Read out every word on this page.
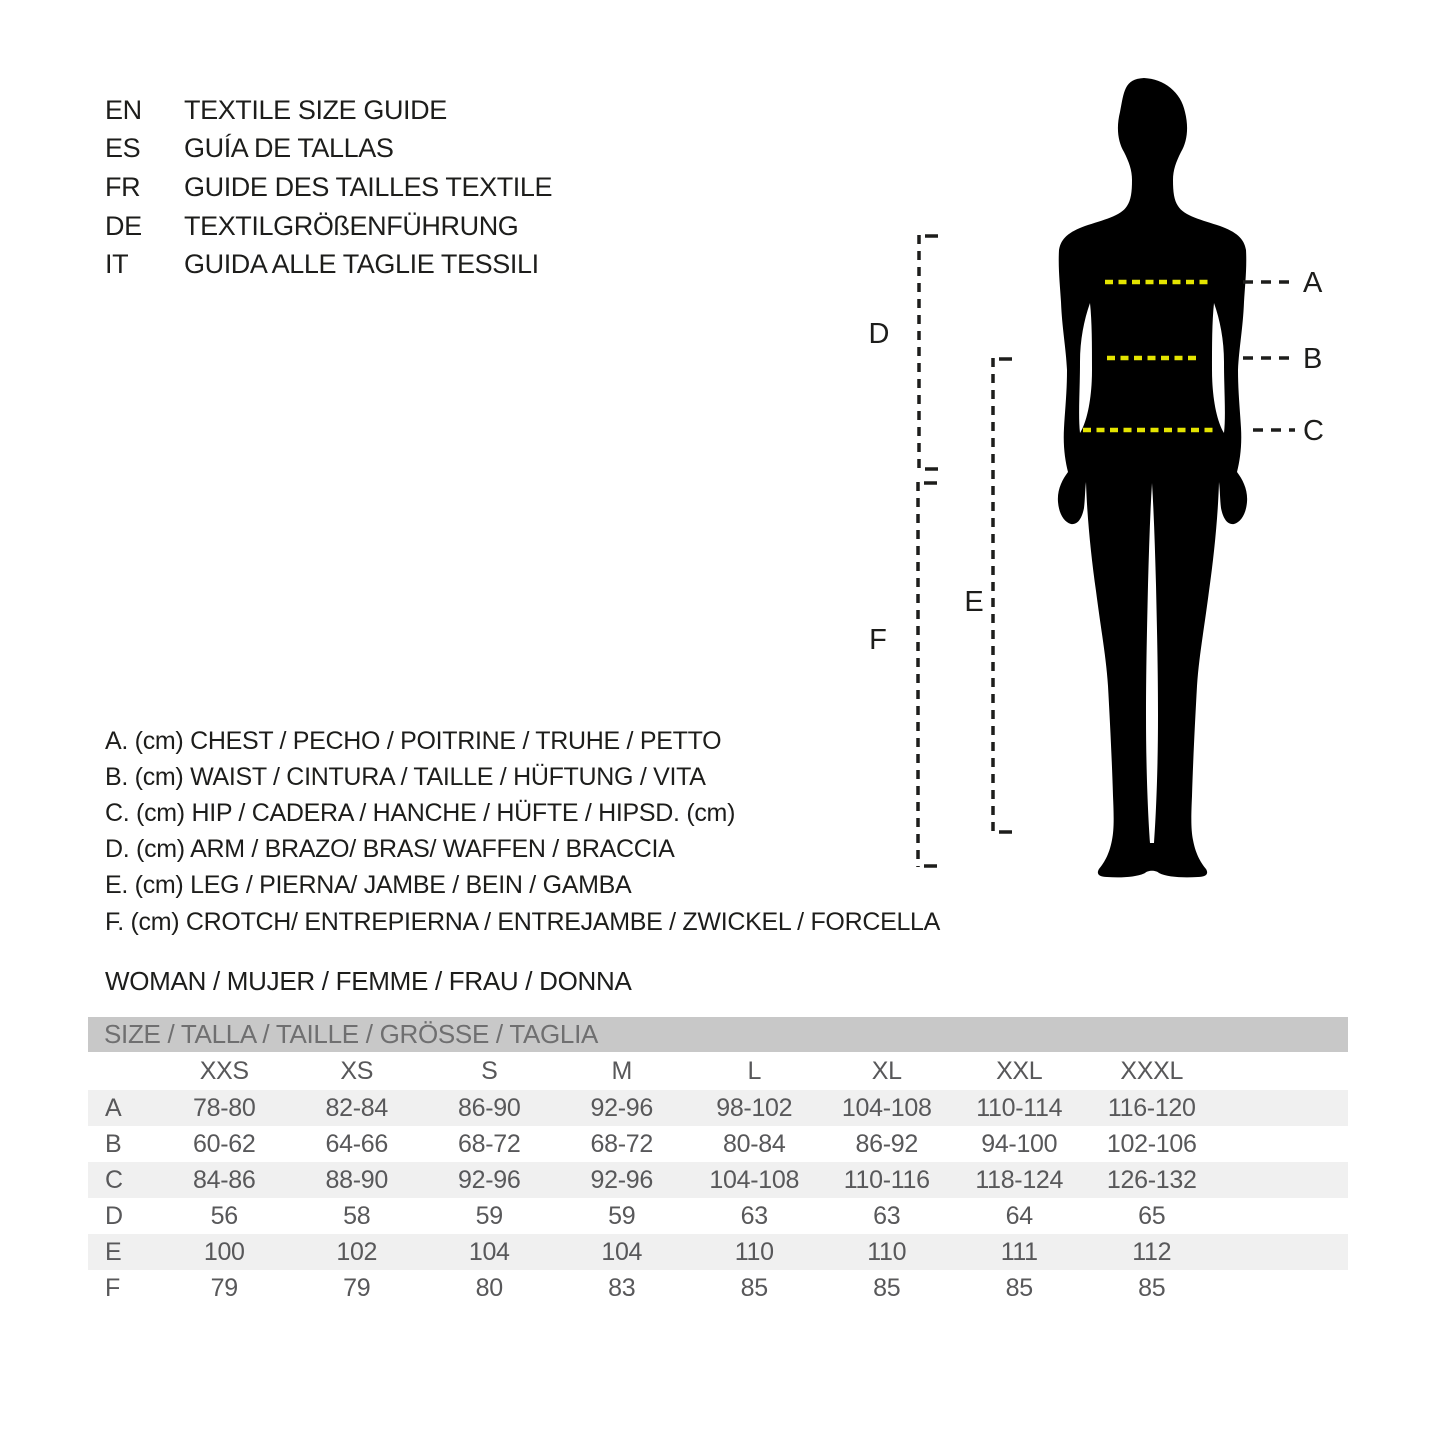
EN	TEXTILE SIZE GUIDE
ES	GUÍA DE TALLAS
FR	GUIDE DES TAILLES TEXTILE
DE	TEXTILGRÖßENFÜHRUNG
IT	GUIDA ALLE TAGLIE TESSILI
A. (cm) CHEST / PECHO / POITRINE / TRUHE / PETTO
B. (cm) WAIST / CINTURA / TAILLE / HÜFTUNG / VITA
C. (cm) HIP / CADERA / HANCHE / HÜFTE / HIPSD. (cm)
D. (cm) ARM / BRAZO/ BRAS/ WAFFEN / BRACCIA
E. (cm) LEG / PIERNA/ JAMBE / BEIN / GAMBA
F. (cm) CROTCH/ ENTREPIERNA / ENTREJAMBE / ZWICKEL / FORCELLA
WOMAN / MUJER / FEMME / FRAU / DONNA
SIZE / TALLA / TAILLE / GRÖSSE / TAGLIA
XXS	XS	S	M	L	XL	XXL	XXXL
A	78-80	82-84	86-90	92-96	98-102	104-108	110-114	116-120
B	60-62	64-66	68-72	68-72	80-84	86-92	94-100	102-106
C	84-86	88-90	92-96	92-96	104-108	110-116	118-124	126-132
D	56	58	59	59	63	63	64	65
E	100	102	104	104	110	110	111	112
F	79	79	80	83	85	85	85	85
A
B
C
D
E
F
